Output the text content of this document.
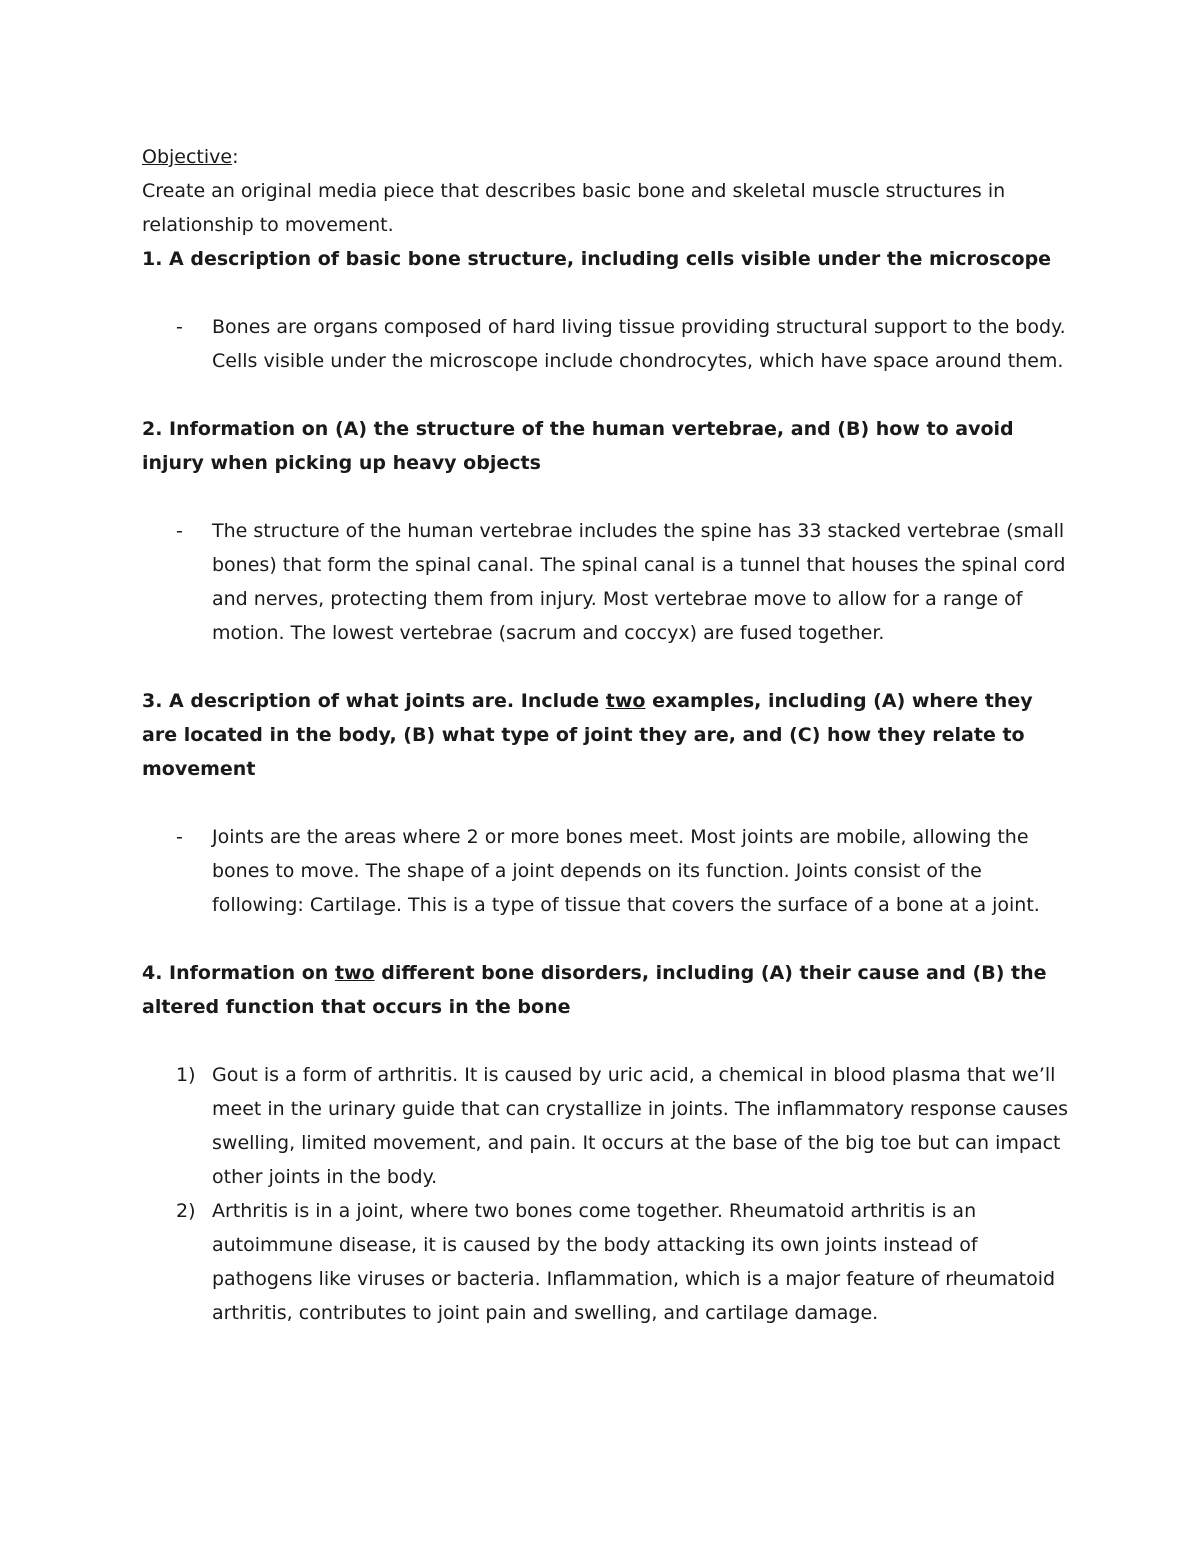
Objective:

Create an original media piece that describes basic bone and skeletal muscle structures in relationship to movement.

1. A description of basic bone structure, including cells visible under the microscope

- Bones are organs composed of hard living tissue providing structural support to the body. Cells visible under the microscope include chondrocytes, which have space around them.

2. Information on (A) the structure of the human vertebrae, and (B) how to avoid injury when picking up heavy objects

- The structure of the human vertebrae includes the spine has 33 stacked vertebrae (small bones) that form the spinal canal. The spinal canal is a tunnel that houses the spinal cord and nerves, protecting them from injury. Most vertebrae move to allow for a range of motion. The lowest vertebrae (sacrum and coccyx) are fused together.

3. A description of what joints are. Include two examples, including (A) where they are located in the body, (B) what type of joint they are, and (C) how they relate to movement

- Joints are the areas where 2 or more bones meet. Most joints are mobile, allowing the bones to move. The shape of a joint depends on its function. Joints consist of the following: Cartilage. This is a type of tissue that covers the surface of a bone at a joint.

4. Information on two different bone disorders, including (A) their cause and (B) the altered function that occurs in the bone

1) Gout is a form of arthritis. It is caused by uric acid, a chemical in blood plasma that we’ll meet in the urinary guide that can crystallize in joints. The inflammatory response causes swelling, limited movement, and pain. It occurs at the base of the big toe but can impact other joints in the body.
2) Arthritis is in a joint, where two bones come together. Rheumatoid arthritis is an autoimmune disease, it is caused by the body attacking its own joints instead of pathogens like viruses or bacteria. Inflammation, which is a major feature of rheumatoid arthritis, contributes to joint pain and swelling, and cartilage damage.
